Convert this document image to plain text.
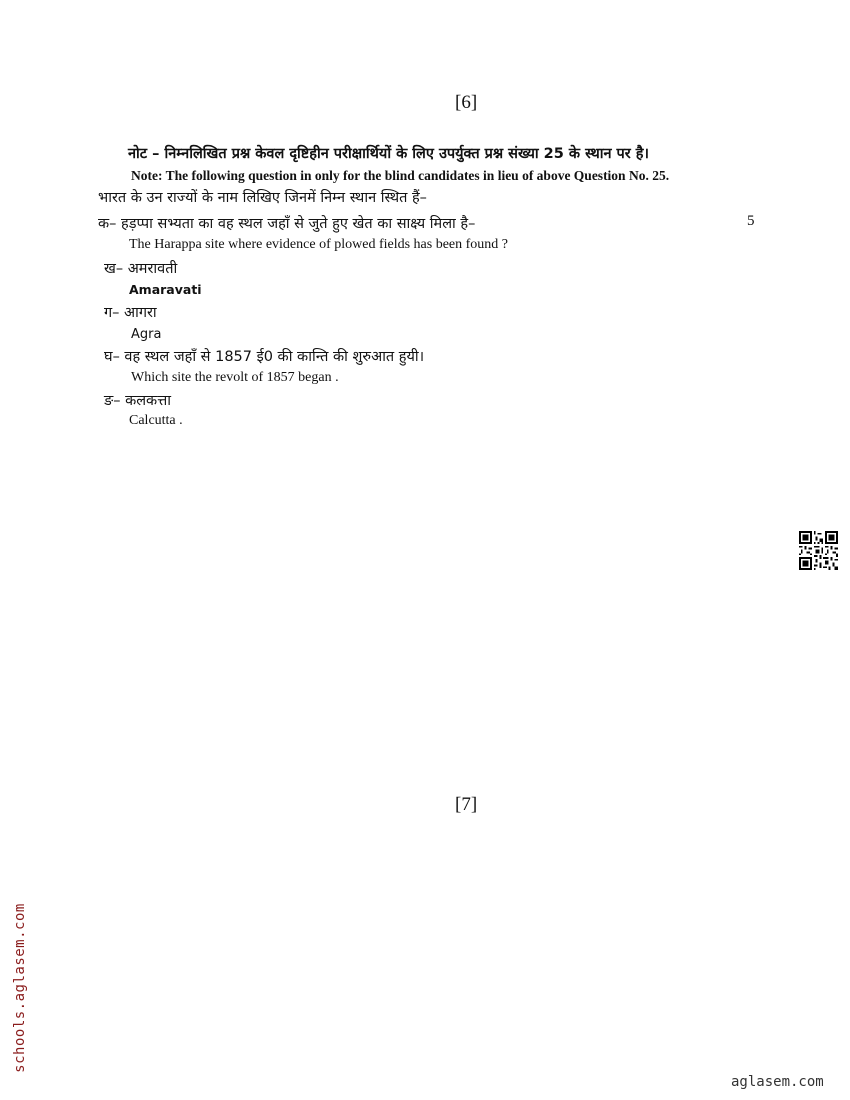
[6]
नोट – निम्नलिखित प्रश्न केवल दृष्टिहीन परीक्षार्थियों के लिए उपर्युक्त प्रश्न संख्या 25 के स्थान पर है।
Note: The following question in only for the blind candidates in lieu of above Question No. 25.
भारत के उन राज्यों के नाम लिखिए जिनमें निम्न स्थान स्थित हैं–
क– हड़प्पा सभ्यता का वह स्थल जहाँ से जुते हुए खेत का साक्ष्य मिला है–	5
The Harappa site where evidence of plowed fields has been found ?
ख– अमरावती
Amaravati
ग– आगरा
Agra
घ– वह स्थल जहाँ से 1857 ई0 की कान्ति की शुरुआत हुयी।
Which site the revolt of 1857 began .
ङ– कलकत्ता
Calcutta .
[7]
schools.aglasem.com
aglasem.com
